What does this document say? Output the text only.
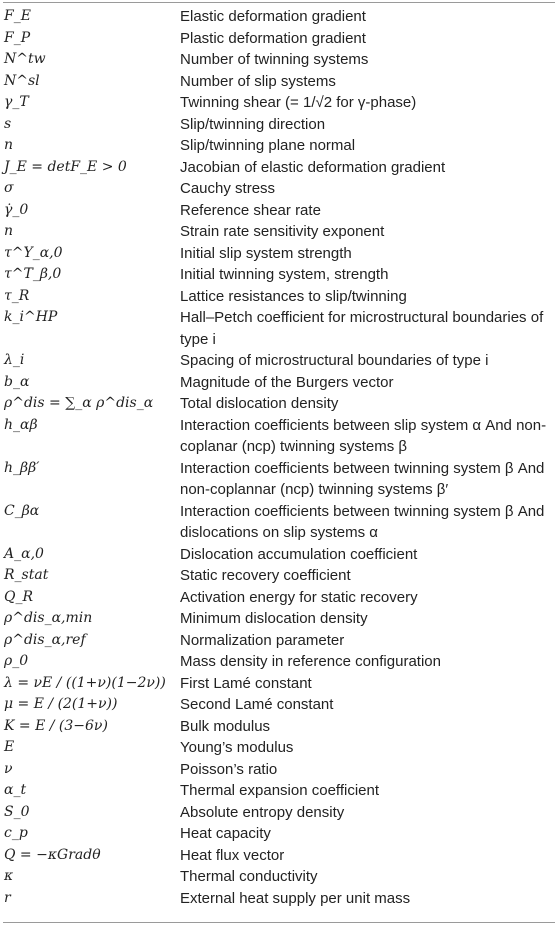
F_E	Elastic deformation gradient
F_P	Plastic deformation gradient
N^tw	Number of twinning systems
N^sl	Number of slip systems
γ_T	Twinning shear (= 1/√2 for γ-phase)
s	Slip/twinning direction
n	Slip/twinning plane normal
J_E = detF_E > 0	Jacobian of elastic deformation gradient
σ	Cauchy stress
γ̇_0	Reference shear rate
n	Strain rate sensitivity exponent
τ^Y_α,0	Initial slip system strength
τ^T_β,0	Initial twinning system, strength
τ_R	Lattice resistances to slip/twinning
k_i^HP	Hall–Petch coefficient for microstructural boundaries of type i
λ_i	Spacing of microstructural boundaries of type i
b_α	Magnitude of the Burgers vector
ρ^dis = ∑_α ρ^dis_α	Total dislocation density
h_αβ	Interaction coefficients between slip system α And non-coplanar (ncp) twinning systems β
h_ββ′	Interaction coefficients between twinning system β And non-coplannar (ncp) twinning systems β′
C_βα	Interaction coefficients between twinning system β And dislocations on slip systems α
A_α,0	Dislocation accumulation coefficient
R_stat	Static recovery coefficient
Q_R	Activation energy for static recovery
ρ^dis_α,min	Minimum dislocation density
ρ^dis_α,ref	Normalization parameter
ρ_0	Mass density in reference configuration
λ = νE / ((1+ν)(1−2ν))	First Lamé constant
μ = E / (2(1+ν))	Second Lamé constant
K = E / (3−6ν)	Bulk modulus
E	Young’s modulus
ν	Poisson’s ratio
α_t	Thermal expansion coefficient
S_0	Absolute entropy density
c_p	Heat capacity
Q = −κGradθ	Heat flux vector
κ	Thermal conductivity
r	External heat supply per unit mass
